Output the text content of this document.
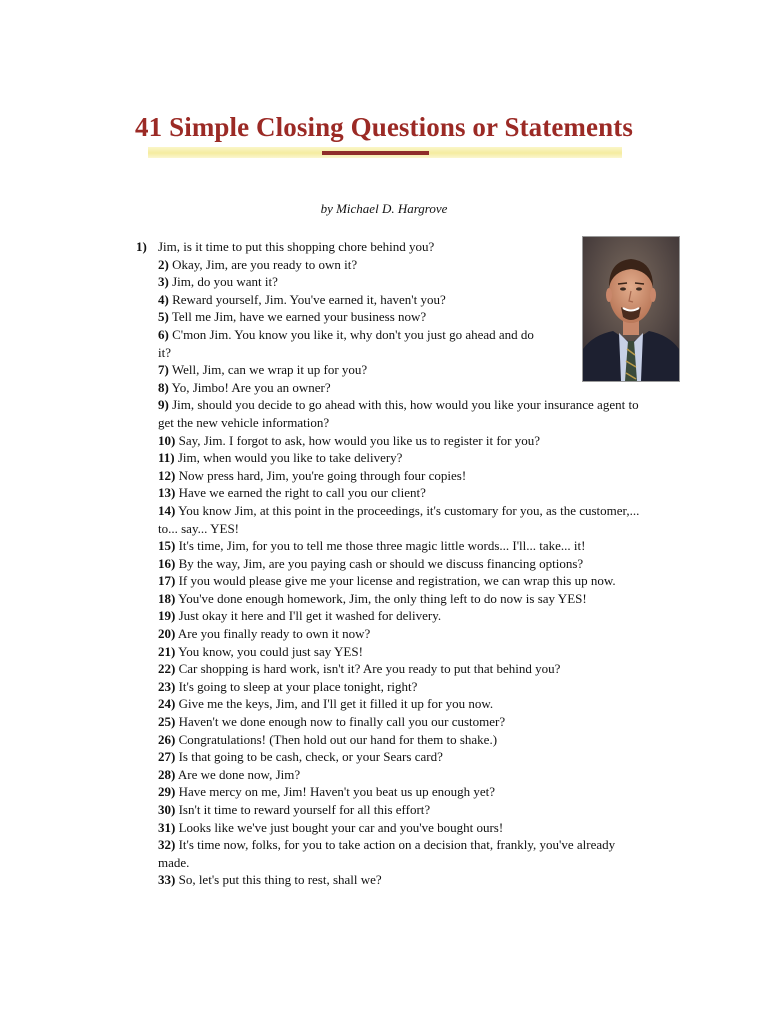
41 Simple Closing Questions or Statements
by Michael D. Hargrove
1) Jim, is it time to put this shopping chore behind you?
2) Okay, Jim, are you ready to own it?
3) Jim, do you want it?
4) Reward yourself, Jim. You've earned it, haven't you?
5) Tell me Jim, have we earned your business now?
6) C'mon Jim. You know you like it, why don't you just go ahead and do it?
7) Well, Jim, can we wrap it up for you?
8) Yo, Jimbo! Are you an owner?
9) Jim, should you decide to go ahead with this, how would you like your insurance agent to get the new vehicle information?
10) Say, Jim. I forgot to ask, how would you like us to register it for you?
11) Jim, when would you like to take delivery?
12) Now press hard, Jim, you're going through four copies!
13) Have we earned the right to call you our client?
14) You know Jim, at this point in the proceedings, it's customary for you, as the customer,... to... say... YES!
15) It's time, Jim, for you to tell me those three magic little words... I'll... take... it!
16) By the way, Jim, are you paying cash or should we discuss financing options?
17) If you would please give me your license and registration, we can wrap this up now.
18) You've done enough homework, Jim, the only thing left to do now is say YES!
19) Just okay it here and I'll get it washed for delivery.
20) Are you finally ready to own it now?
21) You know, you could just say YES!
22) Car shopping is hard work, isn't it? Are you ready to put that behind you?
23) It's going to sleep at your place tonight, right?
24) Give me the keys, Jim, and I'll get it filled it up for you now.
25) Haven't we done enough now to finally call you our customer?
26) Congratulations! (Then hold out our hand for them to shake.)
27) Is that going to be cash, check, or your Sears card?
28) Are we done now, Jim?
29) Have mercy on me, Jim! Haven't you beat us up enough yet?
30) Isn't it time to reward yourself for all this effort?
31) Looks like we've just bought your car and you've bought ours!
32) It's time now, folks, for you to take action on a decision that, frankly, you've already made.
33) So, let's put this thing to rest, shall we?
